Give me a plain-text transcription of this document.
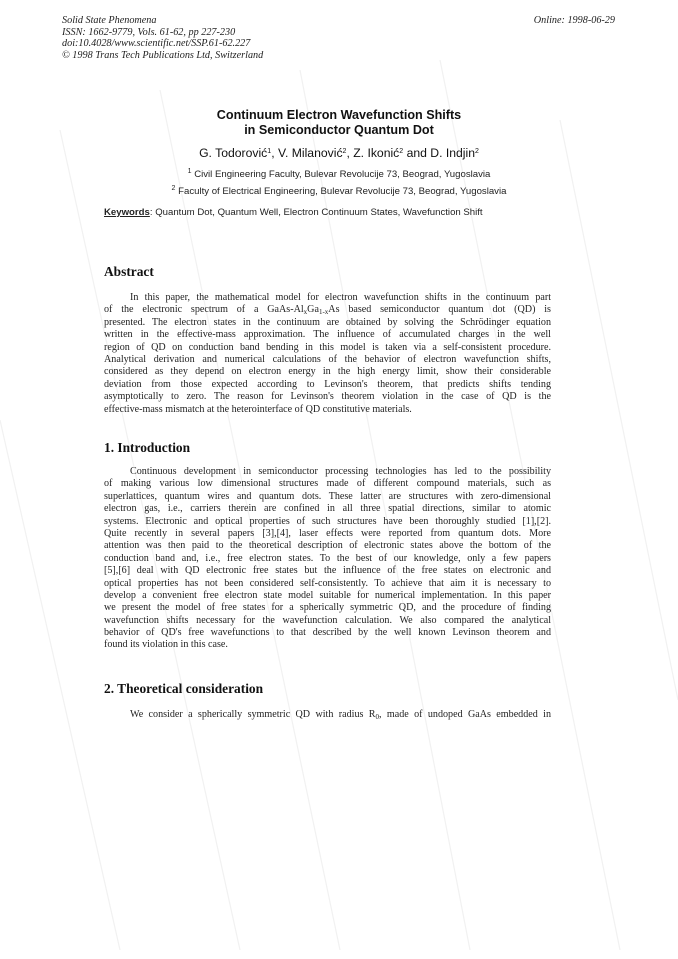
Solid State Phenomena
ISSN: 1662-9779, Vols. 61-62, pp 227-230
doi:10.4028/www.scientific.net/SSP.61-62.227
© 1998 Trans Tech Publications Ltd, Switzerland
Online: 1998-06-29
Continuum Electron Wavefunction Shifts
in Semiconductor Quantum Dot
G. Todorović$^1$, V. Milanović$^2$, Z. Ikonić$^2$ and D. Indjin$^2$
$^1$ Civil Engineering Faculty, Bulevar Revolucije 73, Beograd, Yugoslavia
$^2$ Faculty of Electrical Engineering, Bulevar Revolucije 73, Beograd, Yugoslavia
Keywords: Quantum Dot, Quantum Well, Electron Continuum States, Wavefunction Shift
Abstract
In this paper, the mathematical model for electron wavefunction shifts in the continuum part
of the electronic spectrum of a GaAs-$Al_xGa_{1-x}As$ based semiconductor quantum dot (QD) is
presented. The electron states in the continuum are obtained by solving the Schrödinger equation
written in the effective-mass approximation. The influence of accumulated charges in the well
region of QD on conduction band bending in this model is taken via a self-consistent procedure.
Analytical derivation and numerical calculations of the behavior of electron wavefunction shifts,
considered as they depend on electron energy in the high energy limit, show their considerable
deviation from those expected according to Levinson's theorem, that predicts shifts tending
asymptotically to zero. The reason for Levinson's theorem violation in the case of QD is the
effective-mass mismatch at the heterointerface of QD constitutive materials.
1. Introduction
Continuous development in semiconductor processing technologies has led to the possibility
of making various low dimensional structures made of different compound materials, such as
superlattices, quantum wires and quantum dots. These latter are structures with zero-dimensional
electron gas, i.e., carriers therein are confined in all three spatial directions, similar to atomic
systems. Electronic and optical properties of such structures have been thoroughly studied [1],[2].
Quite recently in several papers [3],[4], laser effects were reported from quantum dots. More
attention was then paid to the theoretical description of electronic states above the bottom of the
conduction band and, i.e., free electron states. To the best of our knowledge, only a few papers
[5],[6] deal with QD electronic free states but the influence of the free states on electronic and
optical properties has not been considered self-consistently. To achieve that aim it is necessary to
develop a convenient free electron state model suitable for numerical implementation. In this paper
we present the model of free states for a spherically symmetric QD, and the procedure of finding
wavefunction shifts necessary for the wavefunction calculation. We also compared the analytical
behavior of QD's free wavefunctions to that described by the well known Levinson theorem and
found its violation in this case.
2. Theoretical consideration
We consider a spherically symmetric QD with radius $R_0$, made of undoped GaAs embedded in
